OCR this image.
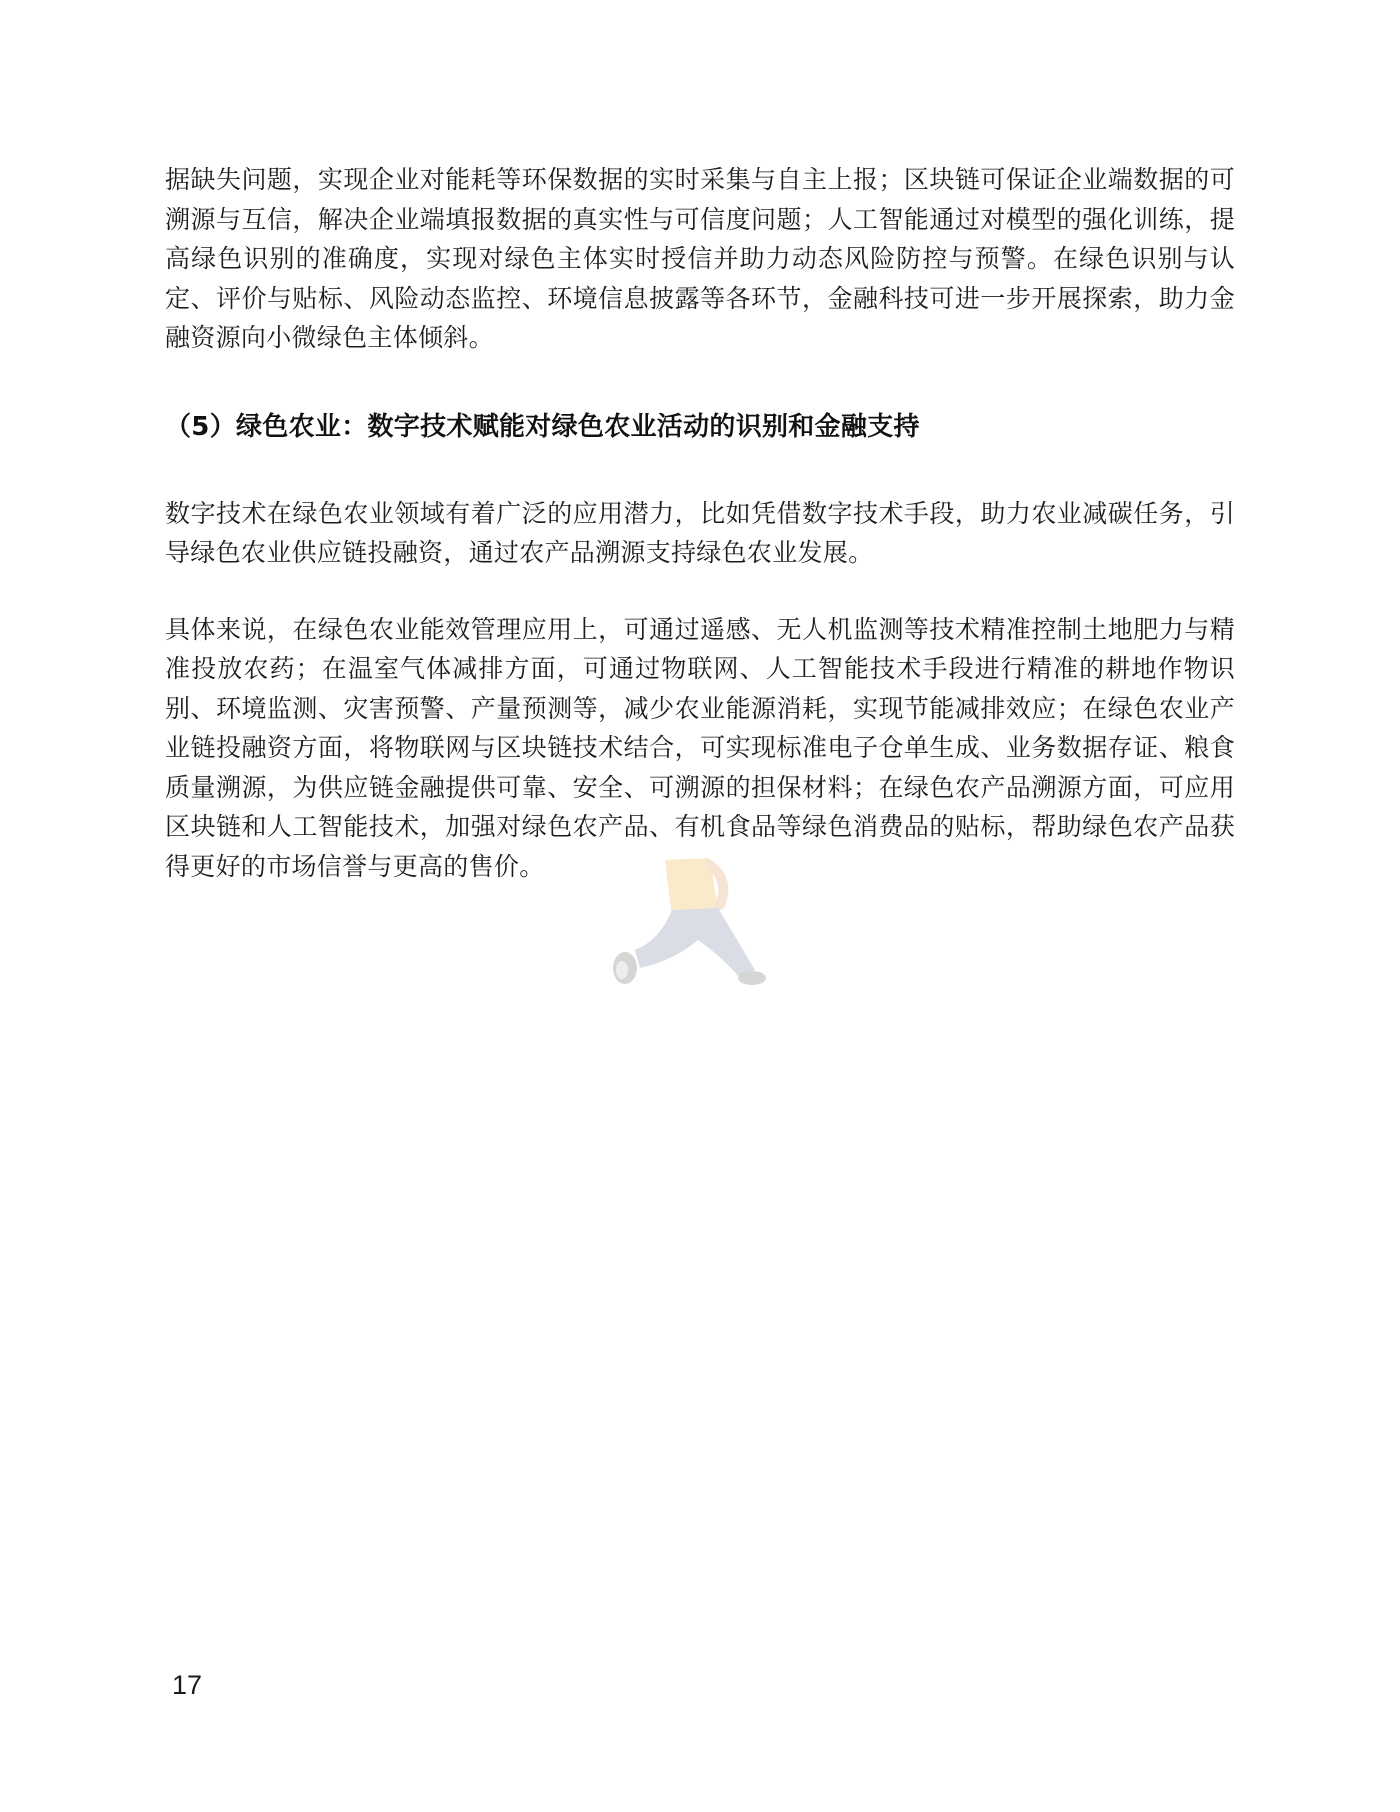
据缺失问题，实现企业对能耗等环保数据的实时采集与自主上报；区块链可保证企业端数据的可溯源与互信，解决企业端填报数据的真实性与可信度问题；人工智能通过对模型的强化训练，提高绿色识别的准确度，实现对绿色主体实时授信并助力动态风险防控与预警。在绿色识别与认定、评价与贴标、风险动态监控、环境信息披露等各环节，金融科技可进一步开展探索，助力金融资源向小微绿色主体倾斜。

（5）绿色农业：数字技术赋能对绿色农业活动的识别和金融支持

数字技术在绿色农业领域有着广泛的应用潜力，比如凭借数字技术手段，助力农业减碳任务，引导绿色农业供应链投融资，通过农产品溯源支持绿色农业发展。

具体来说，在绿色农业能效管理应用上，可通过遥感、无人机监测等技术精准控制土地肥力与精准投放农药；在温室气体减排方面，可通过物联网、人工智能技术手段进行精准的耕地作物识别、环境监测、灾害预警、产量预测等，减少农业能源消耗，实现节能减排效应；在绿色农业产业链投融资方面，将物联网与区块链技术结合，可实现标准电子仓单生成、业务数据存证、粮食质量溯源，为供应链金融提供可靠、安全、可溯源的担保材料；在绿色农产品溯源方面，可应用区块链和人工智能技术，加强对绿色农产品、有机食品等绿色消费品的贴标，帮助绿色农产品获得更好的市场信誉与更高的售价。

17
